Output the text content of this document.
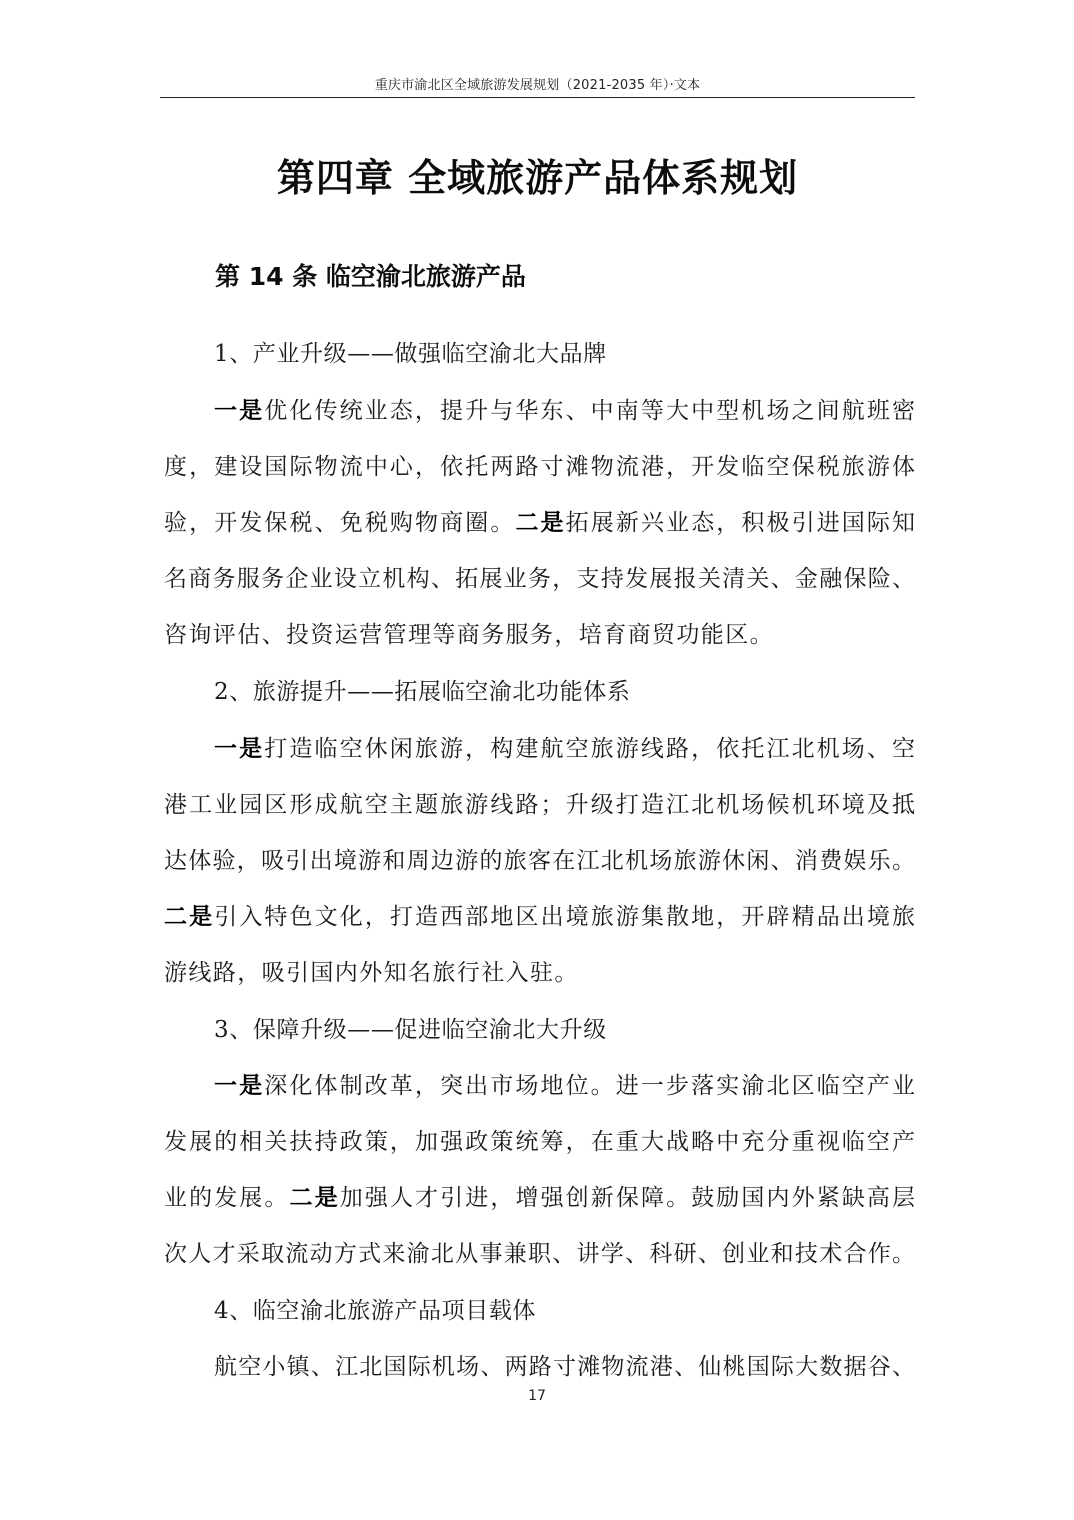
重庆市渝北区全域旅游发展规划（2021-2035 年）·文本
第四章 全域旅游产品体系规划
第 14 条 临空渝北旅游产品
1、产业升级——做强临空渝北大品牌
一是优化传统业态，提升与华东、中南等大中型机场之间航班密
度，建设国际物流中心，依托两路寸滩物流港，开发临空保税旅游体
验，开发保税、免税购物商圈。二是拓展新兴业态，积极引进国际知
名商务服务企业设立机构、拓展业务，支持发展报关清关、金融保险、
咨询评估、投资运营管理等商务服务，培育商贸功能区。
2、旅游提升——拓展临空渝北功能体系
一是打造临空休闲旅游，构建航空旅游线路，依托江北机场、空
港工业园区形成航空主题旅游线路；升级打造江北机场候机环境及抵
达体验，吸引出境游和周边游的旅客在江北机场旅游休闲、消费娱乐。
二是引入特色文化，打造西部地区出境旅游集散地，开辟精品出境旅
游线路，吸引国内外知名旅行社入驻。
3、保障升级——促进临空渝北大升级
一是深化体制改革，突出市场地位。进一步落实渝北区临空产业
发展的相关扶持政策，加强政策统筹，在重大战略中充分重视临空产
业的发展。二是加强人才引进，增强创新保障。鼓励国内外紧缺高层
次人才采取流动方式来渝北从事兼职、讲学、科研、创业和技术合作。
4、临空渝北旅游产品项目载体
航空小镇、江北国际机场、两路寸滩物流港、仙桃国际大数据谷、
17
